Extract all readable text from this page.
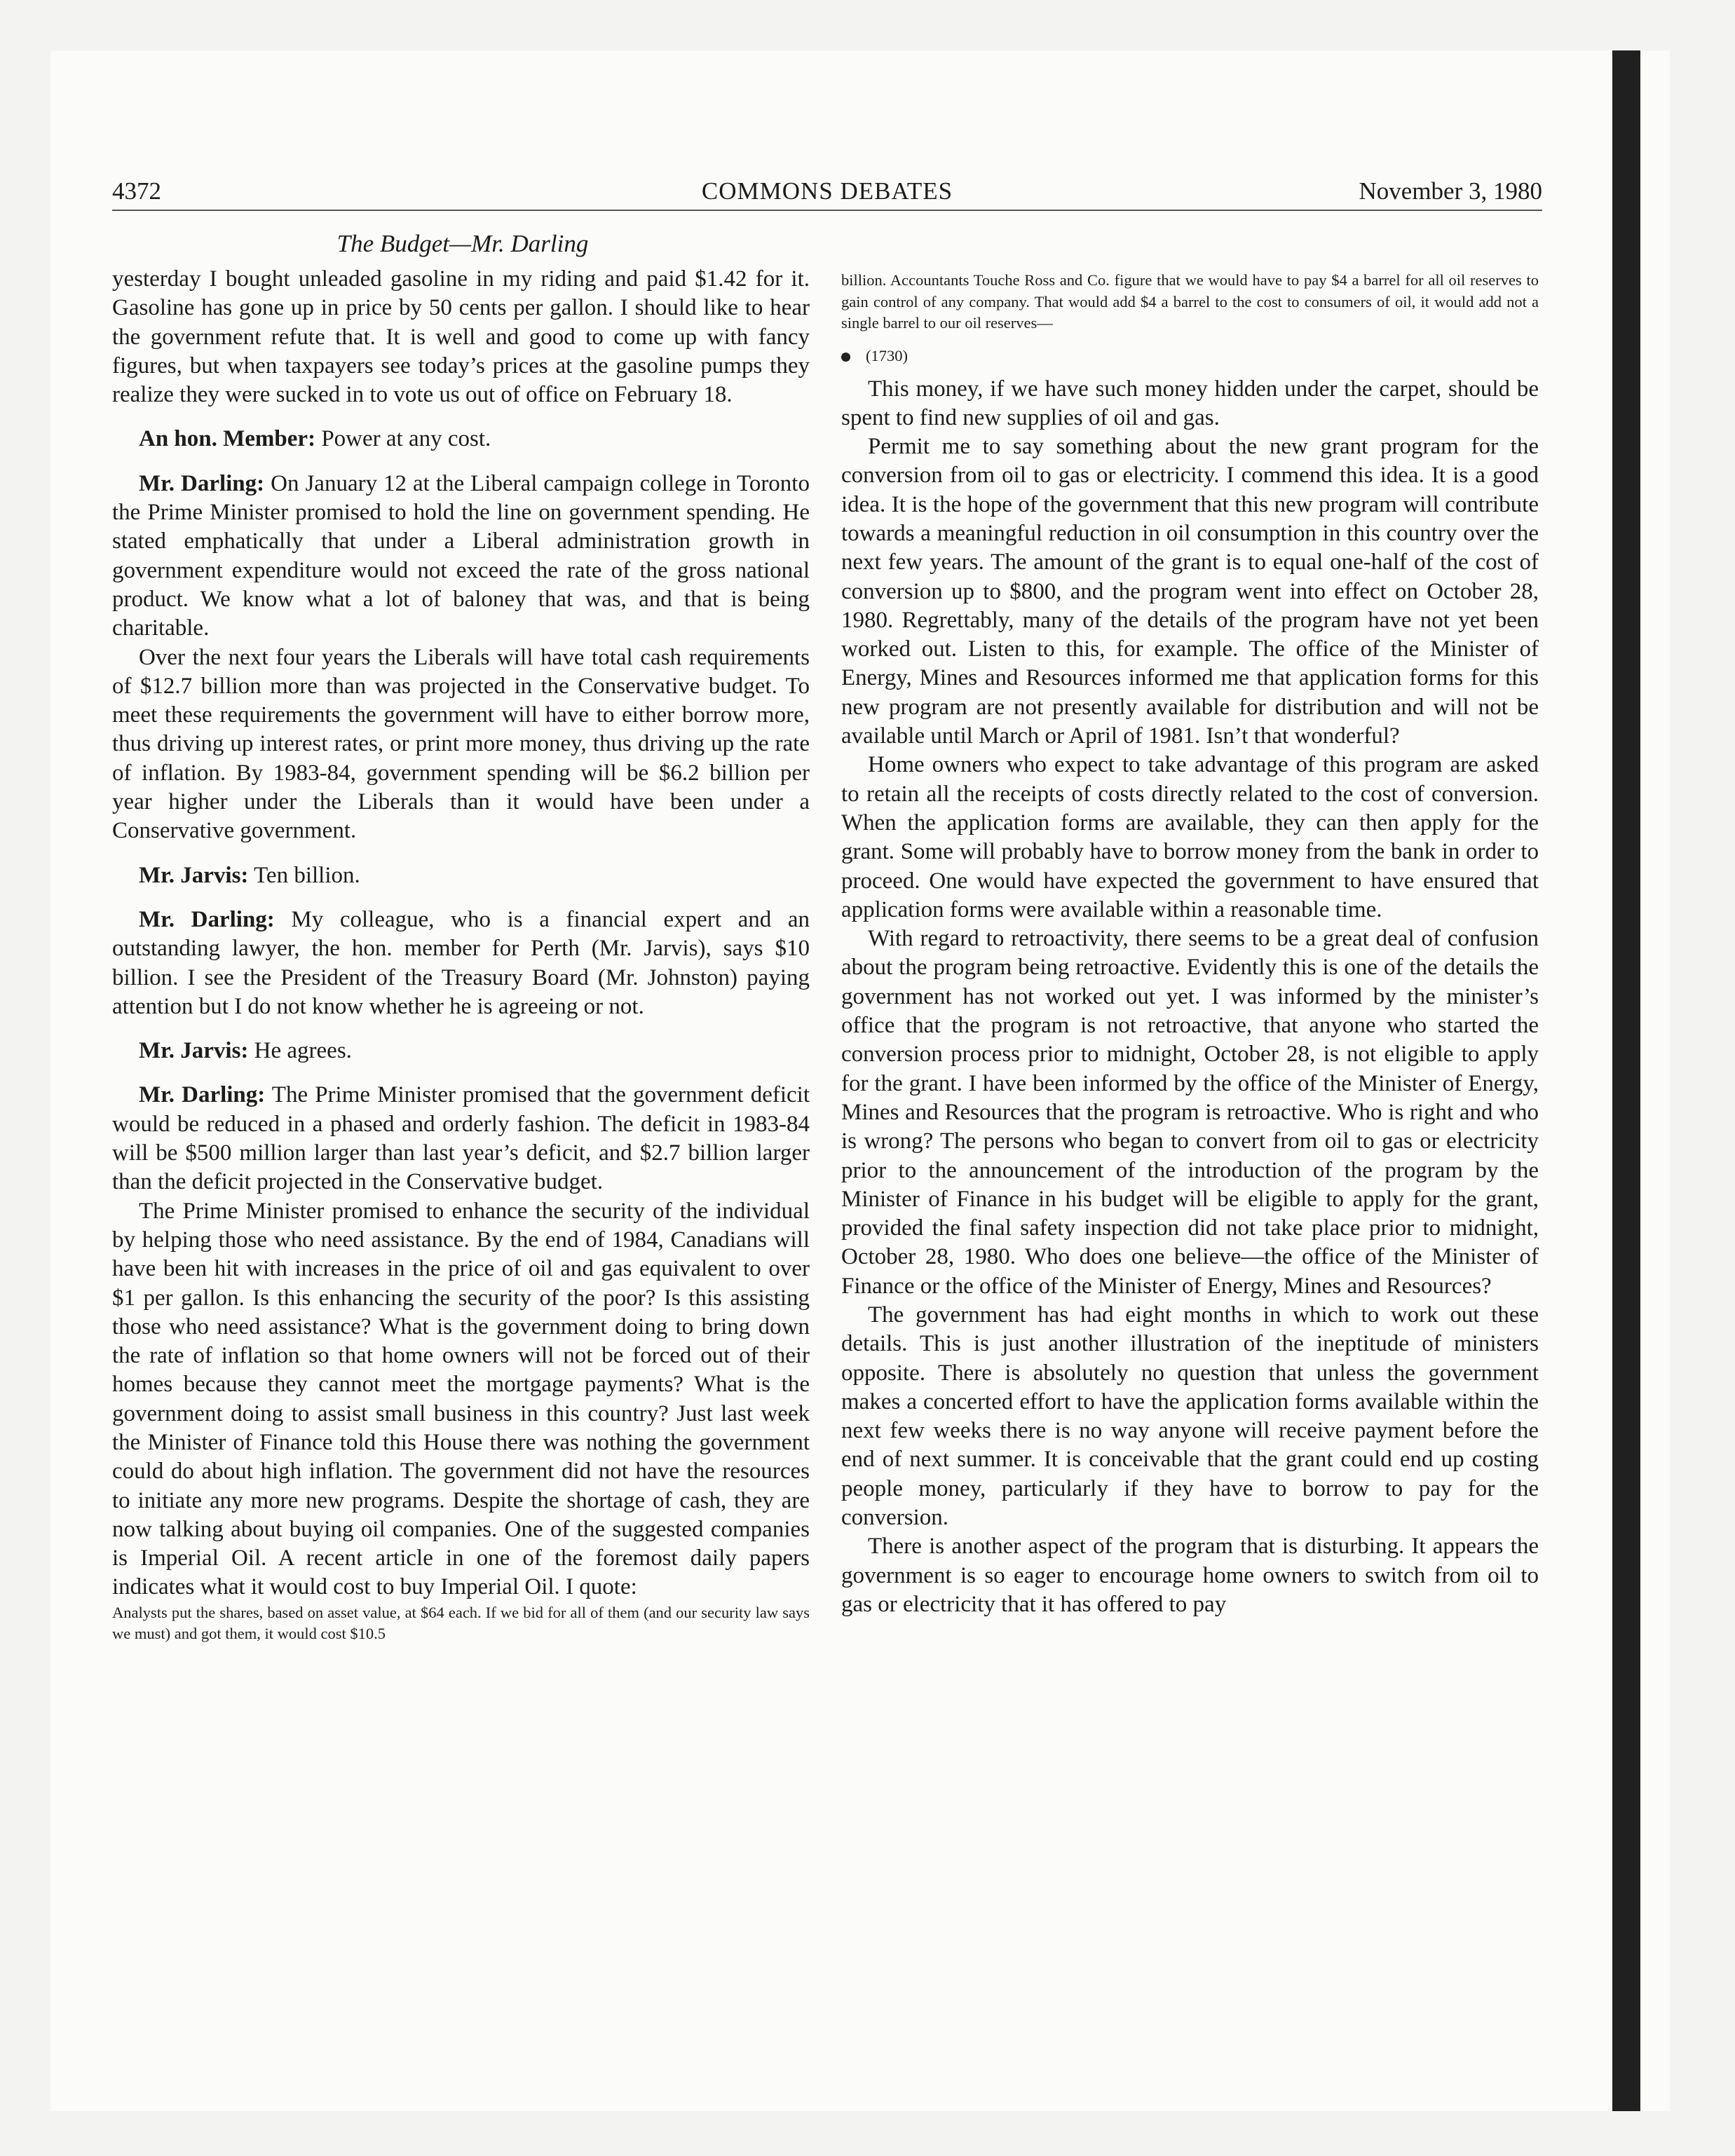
4372	COMMONS DEBATES	November 3, 1980
The Budget—Mr. Darling

yesterday I bought unleaded gasoline in my riding and paid $1.42 for it. Gasoline has gone up in price by 50 cents per gallon. I should like to hear the government refute that. It is well and good to come up with fancy figures, but when taxpayers see today’s prices at the gasoline pumps they realize they were sucked in to vote us out of office on February 18.

An hon. Member: Power at any cost.

Mr. Darling: On January 12 at the Liberal campaign college in Toronto the Prime Minister promised to hold the line on government spending. He stated emphatically that under a Liberal administration growth in government expenditure would not exceed the rate of the gross national product. We know what a lot of baloney that was, and that is being charitable.

Over the next four years the Liberals will have total cash requirements of $12.7 billion more than was projected in the Conservative budget. To meet these requirements the government will have to either borrow more, thus driving up interest rates, or print more money, thus driving up the rate of inflation. By 1983-84, government spending will be $6.2 billion per year higher under the Liberals than it would have been under a Conservative government.

Mr. Jarvis: Ten billion.

Mr. Darling: My colleague, who is a financial expert and an outstanding lawyer, the hon. member for Perth (Mr. Jarvis), says $10 billion. I see the President of the Treasury Board (Mr. Johnston) paying attention but I do not know whether he is agreeing or not.

Mr. Jarvis: He agrees.

Mr. Darling: The Prime Minister promised that the government deficit would be reduced in a phased and orderly fashion. The deficit in 1983-84 will be $500 million larger than last year’s deficit, and $2.7 billion larger than the deficit projected in the Conservative budget.

The Prime Minister promised to enhance the security of the individual by helping those who need assistance. By the end of 1984, Canadians will have been hit with increases in the price of oil and gas equivalent to over $1 per gallon. Is this enhancing the security of the poor? Is this assisting those who need assistance? What is the government doing to bring down the rate of inflation so that home owners will not be forced out of their homes because they cannot meet the mortgage payments? What is the government doing to assist small business in this country? Just last week the Minister of Finance told this House there was nothing the government could do about high inflation. The government did not have the resources to initiate any more new programs. Despite the shortage of cash, they are now talking about buying oil companies. One of the suggested companies is Imperial Oil. A recent article in one of the foremost daily papers indicates what it would cost to buy Imperial Oil. I quote:

Analysts put the shares, based on asset value, at $64 each. If we bid for all of them (and our security law says we must) and got them, it would cost $10.5

billion. Accountants Touche Ross and Co. figure that we would have to pay $4 a barrel for all oil reserves to gain control of any company. That would add $4 a barrel to the cost to consumers of oil, it would add not a single barrel to our oil reserves—

(1730)

This money, if we have such money hidden under the carpet, should be spent to find new supplies of oil and gas.

Permit me to say something about the new grant program for the conversion from oil to gas or electricity. I commend this idea. It is a good idea. It is the hope of the government that this new program will contribute towards a meaningful reduction in oil consumption in this country over the next few years. The amount of the grant is to equal one-half of the cost of conversion up to $800, and the program went into effect on October 28, 1980. Regrettably, many of the details of the program have not yet been worked out. Listen to this, for example. The office of the Minister of Energy, Mines and Resources informed me that application forms for this new program are not presently available for distribution and will not be available until March or April of 1981. Isn’t that wonderful?

Home owners who expect to take advantage of this program are asked to retain all the receipts of costs directly related to the cost of conversion. When the application forms are available, they can then apply for the grant. Some will probably have to borrow money from the bank in order to proceed. One would have expected the government to have ensured that application forms were available within a reasonable time.

With regard to retroactivity, there seems to be a great deal of confusion about the program being retroactive. Evidently this is one of the details the government has not worked out yet. I was informed by the minister’s office that the program is not retroactive, that anyone who started the conversion process prior to midnight, October 28, is not eligible to apply for the grant. I have been informed by the office of the Minister of Energy, Mines and Resources that the program is retroactive. Who is right and who is wrong? The persons who began to convert from oil to gas or electricity prior to the announcement of the introduction of the program by the Minister of Finance in his budget will be eligible to apply for the grant, provided the final safety inspection did not take place prior to midnight, October 28, 1980. Who does one believe—the office of the Minister of Finance or the office of the Minister of Energy, Mines and Resources?

The government has had eight months in which to work out these details. This is just another illustration of the ineptitude of ministers opposite. There is absolutely no question that unless the government makes a concerted effort to have the application forms available within the next few weeks there is no way anyone will receive payment before the end of next summer. It is conceivable that the grant could end up costing people money, particularly if they have to borrow to pay for the conversion.

There is another aspect of the program that is disturbing. It appears the government is so eager to encourage home owners to switch from oil to gas or electricity that it has offered to pay
